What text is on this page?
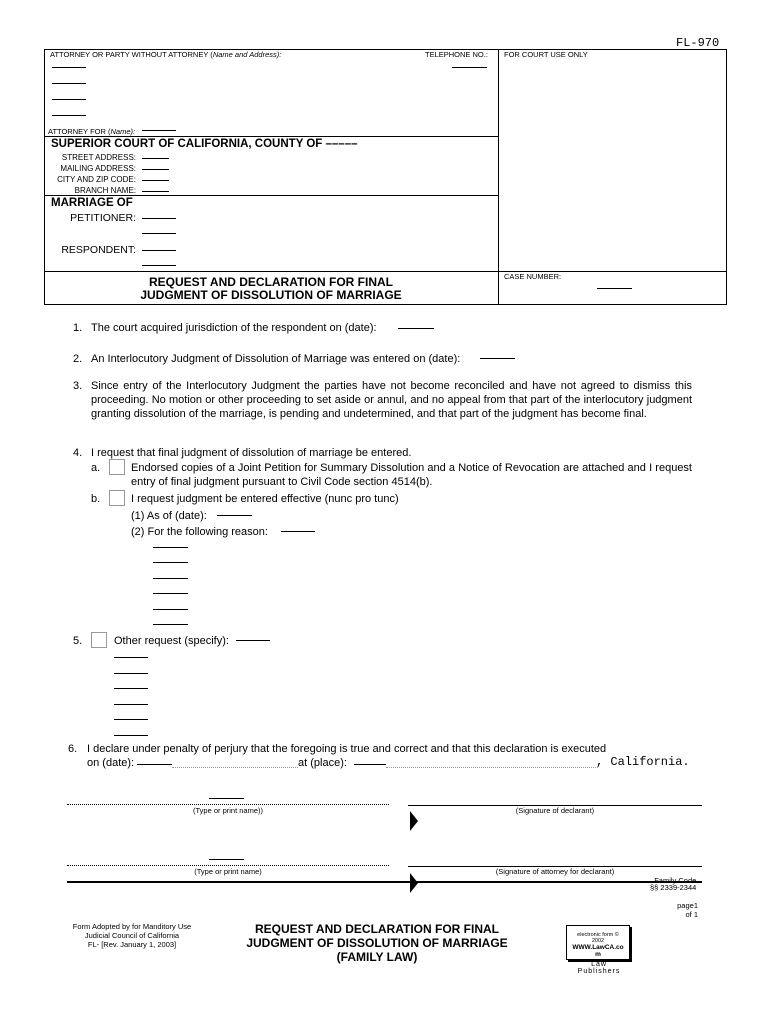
FL-970
ATTORNEY OR PARTY WITHOUT ATTORNEY (Name and Address):	TELEPHONE NO.: FOR COURT USE ONLY
ATTORNEY FOR (Name):
SUPERIOR COURT OF CALIFORNIA, COUNTY OF –––––
STREET ADDRESS:
MAILING ADDRESS:
CITY AND ZIP CODE:
BRANCH NAME:
MARRIAGE OF
PETITIONER:
RESPONDENT:
REQUEST AND DECLARATION FOR FINAL
JUDGMENT OF DISSOLUTION OF MARRIAGE
CASE NUMBER:
1. The court acquired jurisdiction of the respondent on (date):
2. An Interlocutory Judgment of Dissolution of Marriage was entered on (date):
3. Since entry of the Interlocutory Judgment the parties have not become reconciled and have not agreed to dismiss this proceeding. No motion or other proceeding to set aside or annul, and no appeal from that part of the interlocutory judgment granting dissolution of the marriage, is pending and undetermined, and that part of the judgment has become final.
4. I request that final judgment of dissolution of marriage be entered.
a.	Endorsed copies of a Joint Petition for Summary Dissolution and a Notice of Revocation are attached and I request entry of final judgment pursuant to Civil Code section 4514(b).
b.	I request judgment be entered effective (nunc pro tunc)
(1) As of (date):
(2) For the following reason:
5.	Other request (specify):
6. I declare under penalty of perjury that the foregoing is true and correct and that this declaration is executed
on (date):	at (place):	, California.
(Type or print name))	(Signature of declarant)
(Type or print name)	(Signature of attorney for declarant)
Family Code
§§ 2339-2344
page1
of 1
Form Adopted by for Manditory Use
Judicial Council of California
FL- [Rev. January 1, 2003]
REQUEST AND DECLARATION FOR FINAL
JUDGMENT OF DISSOLUTION OF MARRIAGE
(FAMILY LAW)
electronic form ©
2002
WWW.LawCA.co
m
Law
Publishers
